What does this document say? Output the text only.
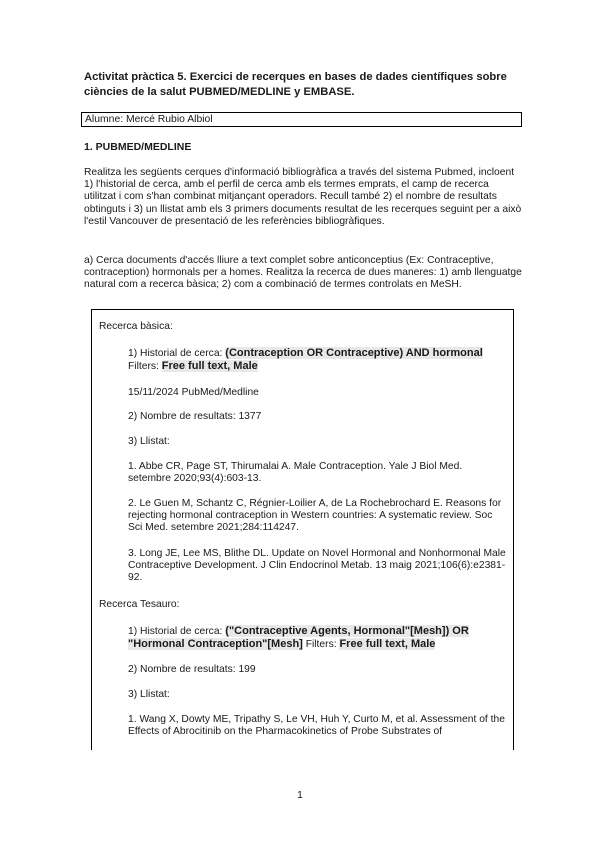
Activitat pràctica 5. Exercici de recerques en bases de dades científiques sobre ciències de la salut PUBMED/MEDLINE y EMBASE.
Alumne: Mercé Rubio Albiol
1. PUBMED/MEDLINE

Realitza les següents cerques d'informació bibliogràfica a través del sistema Pubmed, incloent 1) l'historial de cerca, amb el perfil de cerca amb els termes emprats, el camp de recerca utilitzat i com s'han combinat mitjançant operadors. Recull també 2) el nombre de resultats obtinguts i 3) un llistat amb els 3 primers documents resultat de les recerques seguint per a això l'estil Vancouver de presentació de les referències bibliogràfiques.

a) Cerca documents d'accés lliure a text complet sobre anticonceptius (Ex: Contraceptive, contraception) hormonals per a homes. Realitza la recerca de dues maneres: 1) amb llenguatge natural com a recerca bàsica; 2) com a combinació de termes controlats en MeSH.

Recerca bàsica:

1) Historial de cerca: (Contraception OR Contraceptive) AND hormonal
Filters: Free full text, Male

15/11/2024 PubMed/Medline

2) Nombre de resultats: 1377

3) Llistat:

1. Abbe CR, Page ST, Thirumalai A. Male Contraception. Yale J Biol Med. setembre 2020;93(4):603-13.

2. Le Guen M, Schantz C, Régnier-Loilier A, de La Rochebrochard E. Reasons for rejecting hormonal contraception in Western countries: A systematic review. Soc Sci Med. setembre 2021;284:114247.

3. Long JE, Lee MS, Blithe DL. Update on Novel Hormonal and Nonhormonal Male Contraceptive Development. J Clin Endocrinol Metab. 13 maig 2021;106(6):e2381-92.

Recerca Tesauro:

1) Historial de cerca: ("Contraceptive Agents, Hormonal"[Mesh]) OR "Hormonal Contraception"[Mesh] Filters: Free full text, Male

2) Nombre de resultats: 199

3) Llistat:

1. Wang X, Dowty ME, Tripathy S, Le VH, Huh Y, Curto M, et al. Assessment of the Effects of Abrocitinib on the Pharmacokinetics of Probe Substrates of

1
